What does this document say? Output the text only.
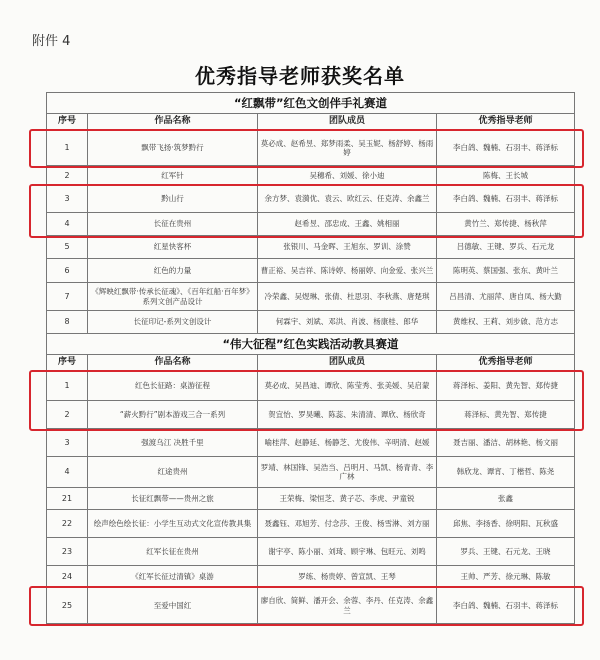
附件 4
优秀指导老师获奖名单
“红飘带”红色文创伴手礼赛道			
序号	作品名称	团队成员	优秀指导老师
1	飘带飞扬·筑梦黔行	莫必成、赵希昱、郑梦雨柔、吴玉妮、杨舒婷、杨雨婷	李白鸽、魏楠、石羽丰、蒋泽标
2	红军针	吴穗希、刘媛、徐小迪	陈梅、王长城
3	黔山行	余方梦、袁漪优、袁云、欧红云、任克涛、余鑫兰	李白鸽、魏楠、石羽丰、蒋泽标
4	长征在贵州	赵希昱、邵忠成、王鑫、姚相丽	黄竹兰、郑传捷、杨秋萍
5	红星快客杯	张银川、马金晖、王旭东、罗训、涂赞	吕德敏、王键、罗兵、石元龙
6	红色的力量	曹正裕、吴吉祥、陈诗婷、杨丽婷、向金爱、张兴兰	陈明英、蔡国强、张东、黄叶兰
7	《辉映红飘带·传承长征魂》、《百年红船·百年梦》系列文创产品设计	冷荣鑫、吴煜琳、张倩、杜思羽、李秋燕、唐楚琪	吕昌清、尤丽萍、唐自凤、杨大勤
8	长征印记-系列文创设计	何霖宇、刘斌、邓洪、肖波、杨康桂、郎华	黄维权、王莉、刘步啟、范方志
“伟大征程”红色实践活动教具赛道			
序号	作品名称	团队成员	优秀指导老师
1	红色长征路：桌游征程	莫必成、吴昌迪、谭欣、陈莹秀、张美媛、吴启蒙	蒋泽标、姜阳、黄先智、郑传捷
2	“薪火黔行”剧本游戏三合一系列	贺宜怡、罗昊曦、陈蕊、朱清清、谭欣、杨欣奇	蒋泽标、黄先智、郑传捷
3	强渡乌江 决胜千里	喻桂萍、赵静延、杨静芝、尤俊伟、辛明清、赵媛	聂吉丽、潘洁、胡林艳、杨文丽
4	红途贵州	罗靖、林国锋、吴浩当、吕明月、马凯、杨青青、李广林	韩欣龙、谭宵、丁楷哲、陈尧
21	长征红飘带——贵州之旅	王荣梅、梁恒芝、黄子芯、李虎、尹童锐	张鑫
22	绘声绘色绘长征：小学生互动式文化宣传教具集	聂鑫钰、邓旭芳、付念莎、王俊、杨雪淋、刘方丽	邱焦、李扬香、徐明阳、瓦秋盛
23	红军长征在贵州	谢宇亭、陈小丽、刘琦、顾宇琳、包旺元、刘鸣	罗兵、王键、石元龙、王晓
24	《红军长征过清镇》桌游	罗练、杨贵婷、曾宣凯、王琴	王帅、严芳、徐元琳、陈敏
25	至爱中国红	廖自欣、简鲜、潘开会、余蓉、李丹、任克涛、余鑫兰	李白鸽、魏楠、石羽丰、蒋泽标
